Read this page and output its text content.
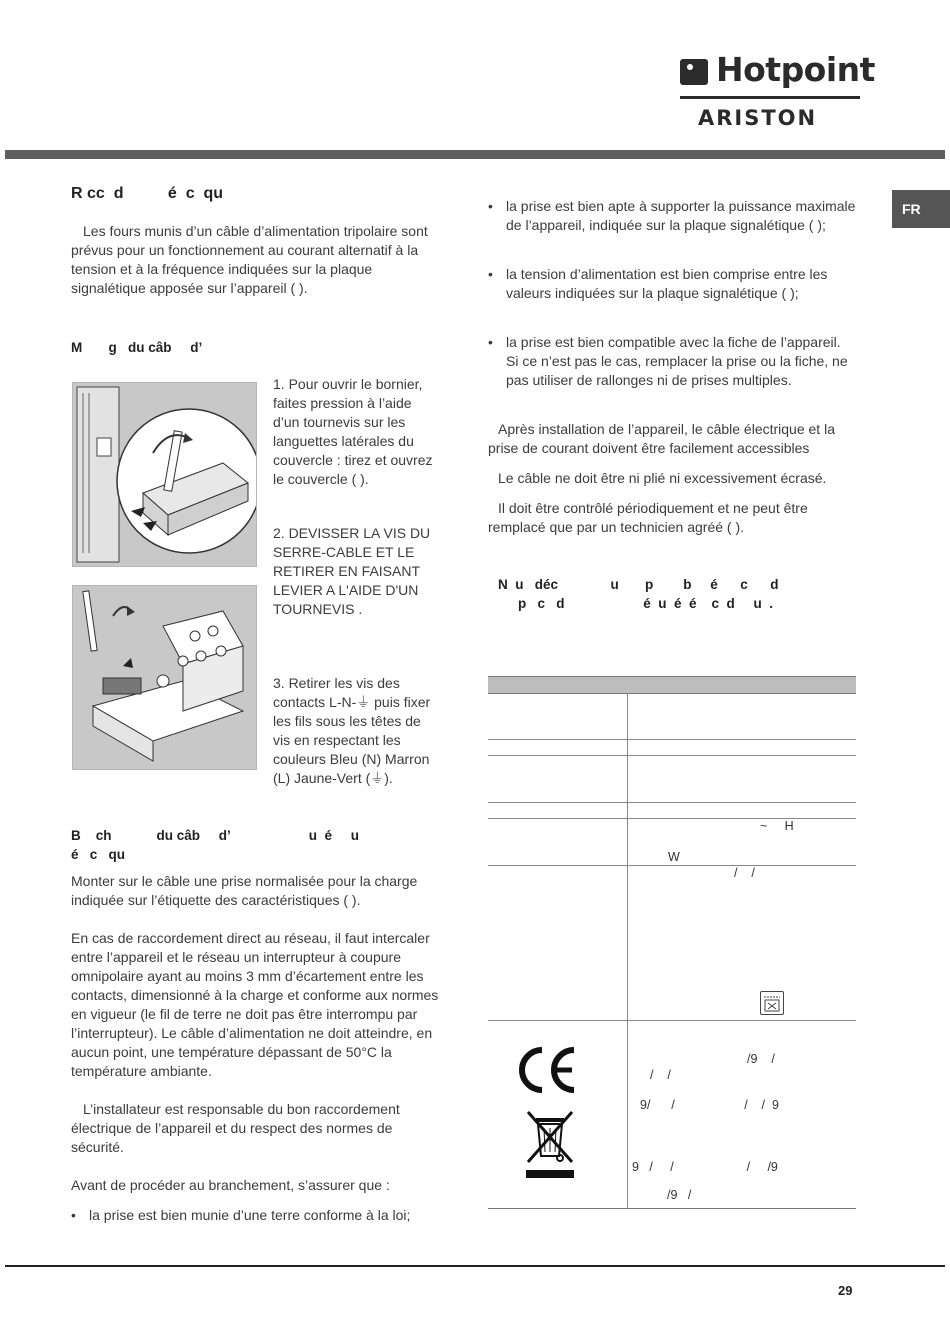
Hotpoint
ARISTON
FR
R cc  d          é  c  qu
Les fours munis d’un câble d’alimentation tripolaire sont prévus pour un fonctionnement au courant alternatif à la tension et à la fréquence indiquées sur la plaque signalétique apposée sur l’appareil ( ).
M       g   du câb     d’
1. Pour ouvrir le bornier, faites pression à l’aide d’un tournevis sur les languettes latérales du couvercle : tirez et ouvrez le couvercle ( ).
2. DEVISSER LA VIS DU SERRE-CABLE ET LE RETIRER EN FAISANT LEVIER A L'AIDE D'UN TOURNEVIS .
3. Retirer les vis des contacts L-N-⏚ puis fixer les fils sous les têtes de vis en respectant les couleurs Bleu (N) Marron (L) Jaune-Vert (⏚).
B    ch            du câb     d’                     u  é     u
é   c   qu
Monter sur le câble une prise normalisée pour la charge indiquée sur l’étiquette des caractéristiques ( ).
En cas de raccordement direct au réseau, il faut intercaler entre l’appareil et le réseau un interrupteur à coupure omnipolaire ayant au moins 3 mm d’écartement entre les contacts, dimensionné à la charge et conforme aux normes en vigueur (le fil de terre ne doit pas être interrompu par l’interrupteur). Le câble d’alimentation ne doit atteindre, en aucun point, une température dépassant de 50°C la température ambiante.
L’installateur est responsable du bon raccordement électrique de l’appareil et du respect des normes de sécurité.
Avant de procéder au branchement, s’assurer que :
• la prise est bien munie d’une terre conforme à la loi;
• la prise est bien apte à supporter la puissance maximale de l’appareil, indiquée sur la plaque signalétique ( );
• la tension d’alimentation est bien comprise entre les valeurs indiquées sur la plaque signalétique ( );
• la prise est bien compatible avec la fiche de l’appareil. Si ce n’est pas le cas, remplacer la prise ou la fiche, ne pas utiliser de rallonges ni de prises multiples.
Après installation de l’appareil, le câble électrique et la prise de courant doivent être facilement accessibles
Le câble ne doit être ni plié ni excessivement écrasé.
Il doit être contrôlé périodiquement et ne peut être remplacé que par un technicien agréé ( ).
N  u   déc              u       p        b     é      c      d
p   c   d                     é  u  é  é    c  d     u  .
~     H
W
/    /
/9    /
/    /
9/      /                    /    /  9
9   /     /                     /     /9
/9   /
29
